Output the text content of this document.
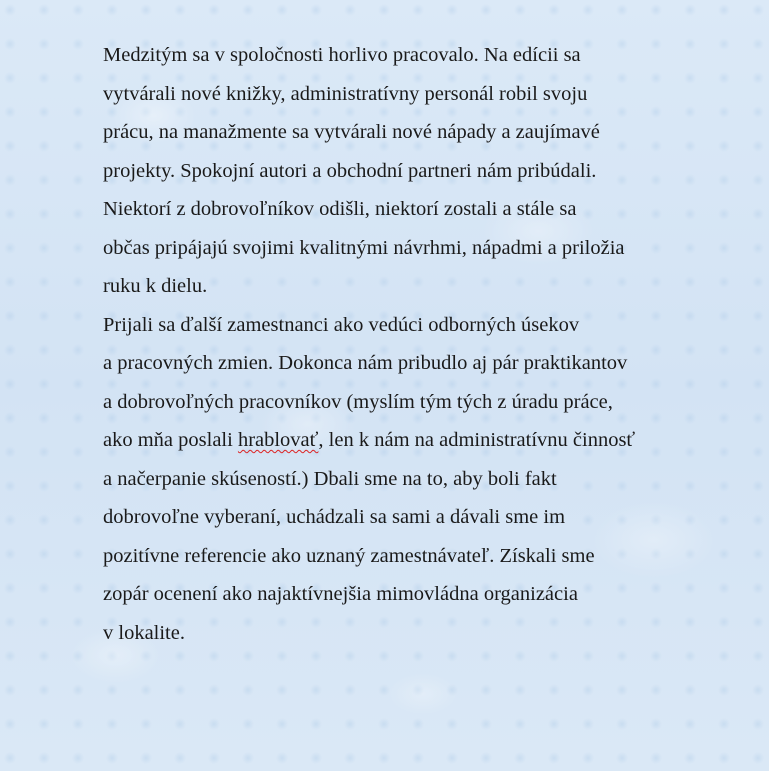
Medzitým sa v spoločnosti horlivo pracovalo. Na edícii sa
vytvárali nové knižky, administratívny personál robil svoju
prácu, na manažmente sa vytvárali nové nápady a zaujímavé
projekty. Spokojní autori a obchodní partneri nám pribúdali.
Niektorí z dobrovoľníkov odišli, niektorí zostali a stále sa
občas pripájajú svojimi kvalitnými návrhmi, nápadmi a priložia
ruku k dielu.
Prijali sa ďalší zamestnanci ako vedúci odborných úsekov
a pracovných zmien. Dokonca nám pribudlo aj pár praktikantov
a dobrovoľných pracovníkov (myslím tým tých z úradu práce,
ako mňa poslali hrablovať, len k nám na administratívnu činnosť
a načerpanie skúseností.) Dbali sme na to, aby boli fakt
dobrovoľne vyberaní, uchádzali sa sami a dávali sme im
pozitívne referencie ako uznaný zamestnávateľ. Získali sme
zopár ocenení ako najaktívnejšia mimovládna organizácia
v lokalite.
